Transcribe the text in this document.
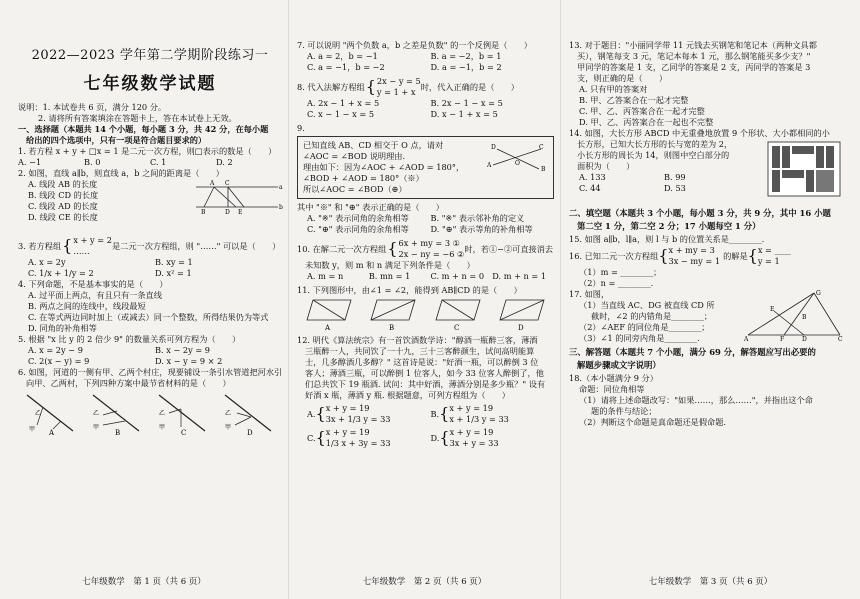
2022—2023 学年第二学期阶段练习一

七年级数学试题

说明：1. 本试卷共 6 页，满分 120 分。

2. 请将所有答案填涂在答题卡上，答在本试卷上无效。

一、选择题（本题共 14 个小题，每小题 3 分，共 42 分，在每小题

给出的四个选项中，只有一项是符合题目要求的）

1. 若方程 x + y + □x = 1 是二元一次方程，则□表示的数是（　　）

A. −1	B. 0	C. 1	D. 2

2. 如图，直线 a∥b，则直线 a，b 之间的距离是（　　）

A. 线段 AB 的长度

B. 线段 CD 的长度

C. 线段 AD 的长度

D. 线段 CE 的长度

A C
a
B	D E
b
3. 若方程组 { x + y = 2
……
是二元一次方程组，则 "……" 可以是（　　）
A. x = 2y	B. xy = 1
C. 1/x + 1/y = 2	D. x² = 1

4. 下列命题，不是基本事实的是（　　）

A. 过平面上两点，有且只有一条直线

B. 两点之间的连线中，线段最短

C. 在等式两边同时加上（或减去）同一个整数，所得结果仍为等式

D. 同角的补角相等

5. 根据 "x 比 y 的 2 倍少 9" 的数量关系可列方程为（　　）

A. x = 2y − 9	B. x − 2y = 9
C. 2(x − y) = 9	D. x − y = 9 × 2

6. 如图，河道的一侧有甲、乙两个村庄，现要铺设一条引水管道把河水引

向甲、乙两村，下列四种方案中最节省材料的是（　　）

乙
甲 A
乙
甲
B
乙
甲
C
乙
甲
D

七年级数学　第 1 页（共 6 页）

7. 可以说明 "两个负数 a，b 之差是负数" 的一个反例是（　　）

A. a = 2，b = −1	B. a = −2，b = 1
C. a = −1，b = −2	D. a = −1，b = 2
8. 代入法解方程组 { 2x − y = 5
y = 1 + x
时，代入正确的是（　　）
A. 2x − 1 + x = 5	B. 2x − 1 − x = 5
C. x − 1 − x = 5	D. x − 1 + x = 5

9.

已知直线 AB、CD 相交于 O 点，请对

∠AOC = ∠BOD 说明理由.

理由如下：因为∠AOC + ∠AOD = 180°，

∠BOD + ∠AOD = 180°（※）

所以∠AOC = ∠BOD（⊕）

C
A	O
B
D

其中 "※" 和 "⊕" 表示正确的是（　　）

A. "※" 表示同角的余角相等	B. "※" 表示邻补角的定义
C. "⊕" 表示同角的余角相等	D. "⊕" 表示等角的补角相等
10. 在解二元一次方程组 { 6x + my = 3 ①
2x − ny = −6 ②
时，若①−②可直接消去

未知数 y，则 m 和 n 满足下列条件是（　　）

A. m = n	B. mn = 1	C. m + n = 0 D. m + n = 1

11. 下列图形中，由∠1 = ∠2，能得到 AB∥CD 的是（　　）

A	B	C	D

12. 明代《算法统宗》有一首饮酒数学诗："醇酒一瓶醉三客，薄酒

三瓶醉一人，共同饮了一十九，三十三客醉颜生，试问高明能算

士，几多醇酒几多醇？" 这首诗是说："好酒一瓶，可以醉倒 3 位

客人；薄酒三瓶，可以醉倒 1 位客人，如今 33 位客人醉倒了，他

们总共饮下 19 瓶酒. 试问：其中好酒，薄酒分别是多少瓶？" 设有

好酒 x 瓶，薄酒 y 瓶. 根据题意，可列方程组为（　　）

A. { x + y = 19
3x + 1/3 y = 33
B. { x + y = 19
x + 1/3 y = 33
C. { x + y = 19
1/3 x + 3y = 33
D. { x + y = 19
3x + y = 33

七年级数学　第 2 页（共 6 页）

13. 对于题目："小丽同学带 11 元钱去买钢笔和笔记本（两种文具都

买），钢笔每支 3 元，笔记本每本 1 元，那么钢笔能买多少支？"

甲同学的答案是 1 支，乙同学的答案是 2 支，丙同学的答案是 3

支，则正确的是（　　）

A. 只有甲的答案对

B. 甲、乙答案合在一起才完整

C. 甲、乙、丙答案合在一起才完整

D. 甲、乙、丙答案合在一起也不完整

14. 如图，大长方形 ABCD 中无重叠地放置 9 个形状、大小都相同的小

长方形，已知大长方形的长与宽的差为 2，

小长方形的周长为 14，则图中空白部分的

面积为（　　）

A. 133	B. 99
C. 44	D. 53

二、填空题（本题共 3 个小题，每小题 3 分，共 9 分，其中 16 小题

第二空 1 分，第二空 2 分；17 小题每空 1 分）

15. 如图 a∥b，l∥a，则 l 与 b 的位置关系是________.

16. 已知二元一次方程组 { x + my = 3
3x − my = 1
的解是 { x = ____
y = 1

（1）m = ________；

（2）n = ________.

17. 如图，

（1）当直线 AC、DG 被直线 CD 所

截时，∠2 的内错角是________；

（2）∠AEF 的同位角是________；

（3）∠1 的同旁内角是________.

G
A	F	D	C
E
B

三、解答题（本题共 7 个小题，满分 69 分，解答题应写出必要的

解题步骤或文字说明）

18.（本小题满分 9 分）

命题：同位角相等

（1）请将上述命题改写："如果……，那么……"，并指出这个命

题的条件与结论；

（2）判断这个命题是真命题还是假命题.

七年级数学　第 3 页（共 6 页）
